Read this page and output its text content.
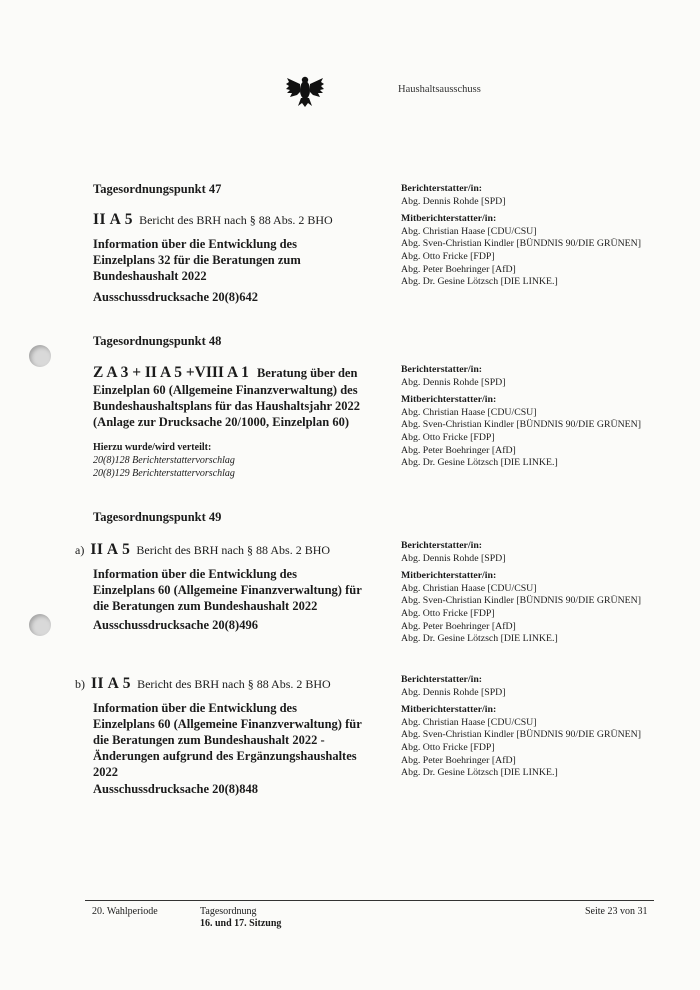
Haushaltsausschuss
Tagesordnungspunkt 47
II A 5 Bericht des BRH nach § 88 Abs. 2 BHO
Information über die Entwicklung des
Einzelplans 32 für die Beratungen zum
Bundeshaushalt 2022
Ausschussdrucksache 20(8)642
Berichterstatter/in:
Abg. Dennis Rohde [SPD]
Mitberichterstatter/in:
Abg. Christian Haase [CDU/CSU]
Abg. Sven-Christian Kindler [BÜNDNIS 90/DIE GRÜNEN]
Abg. Otto Fricke [FDP]
Abg. Peter Boehringer [AfD]
Abg. Dr. Gesine Lötzsch [DIE LINKE.]
Tagesordnungspunkt 48
Z A 3 + II A 5 +VIII A 1 Beratung über den
Einzelplan 60 (Allgemeine Finanzverwaltung) des
Bundeshaushaltsplans für das Haushaltsjahr 2022
(Anlage zur Drucksache 20/1000, Einzelplan 60)
Hierzu wurde/wird verteilt:
20(8)128 Berichterstattervorschlag
20(8)129 Berichterstattervorschlag
Berichterstatter/in:
Abg. Dennis Rohde [SPD]
Mitberichterstatter/in:
Abg. Christian Haase [CDU/CSU]
Abg. Sven-Christian Kindler [BÜNDNIS 90/DIE GRÜNEN]
Abg. Otto Fricke [FDP]
Abg. Peter Boehringer [AfD]
Abg. Dr. Gesine Lötzsch [DIE LINKE.]
Tagesordnungspunkt 49
a) II A 5 Bericht des BRH nach § 88 Abs. 2 BHO
Information über die Entwicklung des
Einzelplans 60 (Allgemeine Finanzverwaltung) für
die Beratungen zum Bundeshaushalt 2022
Ausschussdrucksache 20(8)496
Berichterstatter/in:
Abg. Dennis Rohde [SPD]
Mitberichterstatter/in:
Abg. Christian Haase [CDU/CSU]
Abg. Sven-Christian Kindler [BÜNDNIS 90/DIE GRÜNEN]
Abg. Otto Fricke [FDP]
Abg. Peter Boehringer [AfD]
Abg. Dr. Gesine Lötzsch [DIE LINKE.]
b) II A 5 Bericht des BRH nach § 88 Abs. 2 BHO
Information über die Entwicklung des
Einzelplans 60 (Allgemeine Finanzverwaltung) für
die Beratungen zum Bundeshaushalt 2022 -
Änderungen aufgrund des Ergänzungshaushaltes
2022
Ausschussdrucksache 20(8)848
Berichterstatter/in:
Abg. Dennis Rohde [SPD]
Mitberichterstatter/in:
Abg. Christian Haase [CDU/CSU]
Abg. Sven-Christian Kindler [BÜNDNIS 90/DIE GRÜNEN]
Abg. Otto Fricke [FDP]
Abg. Peter Boehringer [AfD]
Abg. Dr. Gesine Lötzsch [DIE LINKE.]
20. Wahlperiode	Tagesordnung
16. und 17. Sitzung
Seite 23 von 31
